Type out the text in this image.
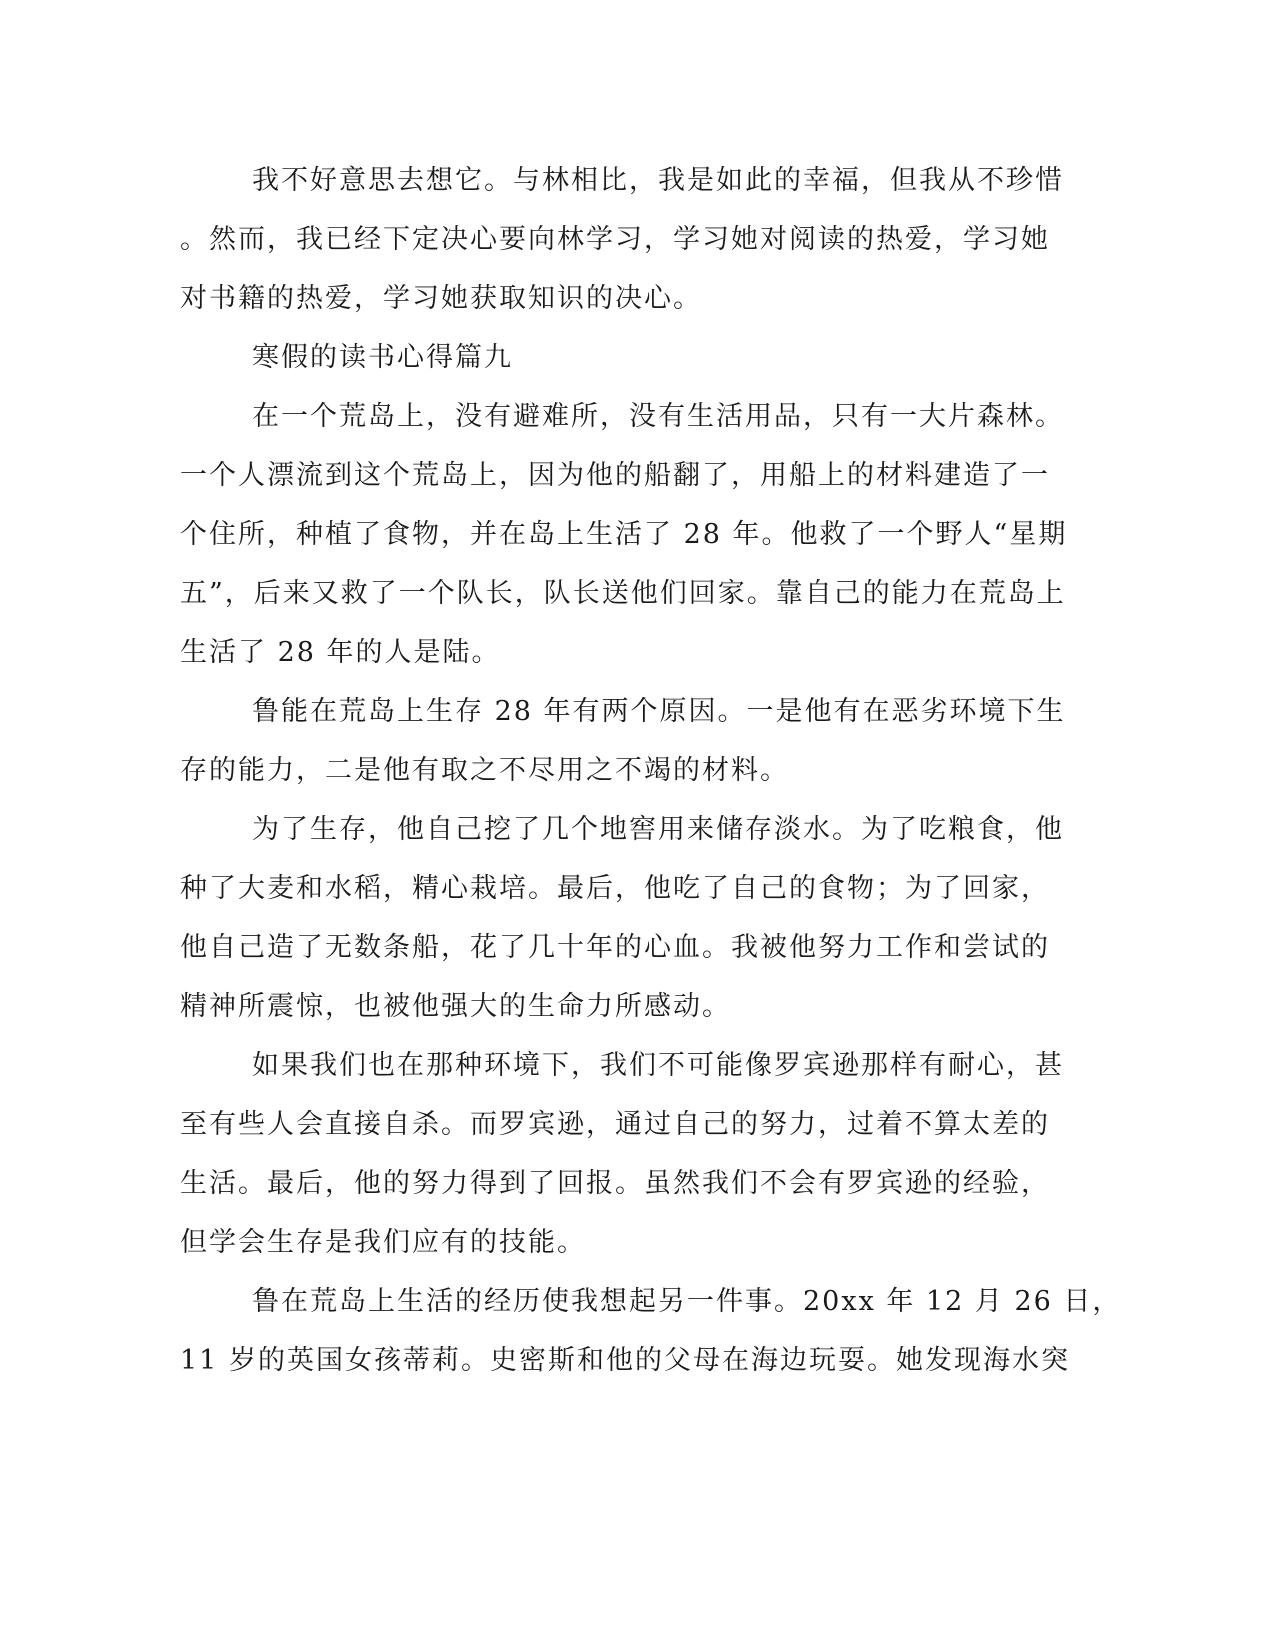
我不好意思去想它。与林相比，我是如此的幸福，但我从不珍惜
。然而，我已经下定决心要向林学习，学习她对阅读的热爱，学习她
对书籍的热爱，学习她获取知识的决心。
寒假的读书心得篇九
在一个荒岛上，没有避难所，没有生活用品，只有一大片森林。
一个人漂流到这个荒岛上，因为他的船翻了，用船上的材料建造了一
个住所，种植了食物，并在岛上生活了 28 年。他救了一个野人“星期
五”，后来又救了一个队长，队长送他们回家。靠自己的能力在荒岛上
生活了 28 年的人是陆。
鲁能在荒岛上生存 28 年有两个原因。一是他有在恶劣环境下生
存的能力，二是他有取之不尽用之不竭的材料。
为了生存，他自己挖了几个地窖用来储存淡水。为了吃粮食，他
种了大麦和水稻，精心栽培。最后，他吃了自己的食物；为了回家，
他自己造了无数条船，花了几十年的心血。我被他努力工作和尝试的
精神所震惊，也被他强大的生命力所感动。
如果我们也在那种环境下，我们不可能像罗宾逊那样有耐心，甚
至有些人会直接自杀。而罗宾逊，通过自己的努力，过着不算太差的
生活。最后，他的努力得到了回报。虽然我们不会有罗宾逊的经验，
但学会生存是我们应有的技能。
鲁在荒岛上生活的经历使我想起另一件事。20xx 年 12 月 26 日，
11 岁的英国女孩蒂莉。史密斯和他的父母在海边玩耍。她发现海水突
